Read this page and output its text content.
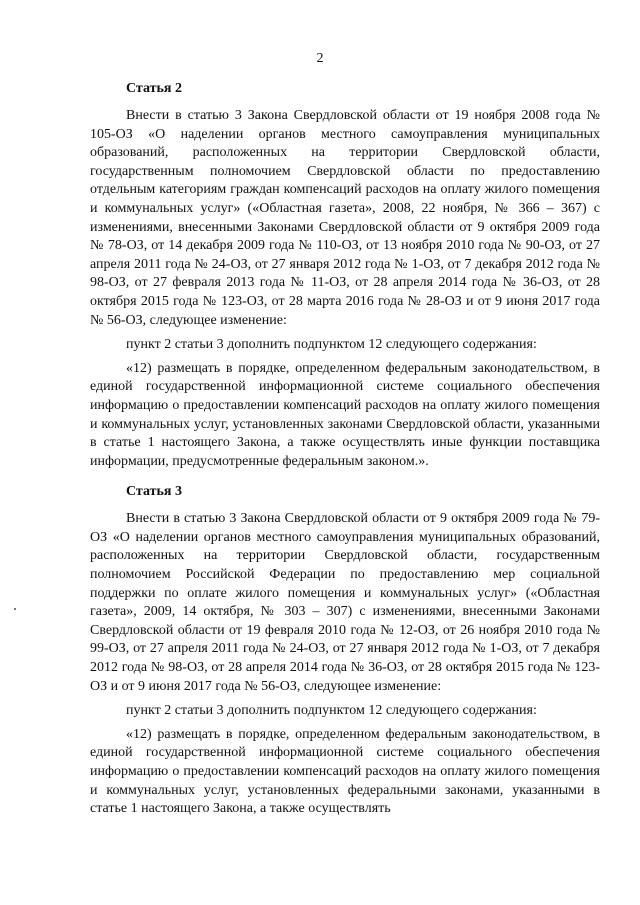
2
Статья 2

Внести в статью 3 Закона Свердловской области от 19 ноября 2008 года № 105-ОЗ «О наделении органов местного самоуправления муниципальных образований, расположенных на территории Свердловской области, государственным полномочием Свердловской области по предоставлению отдельным категориям граждан компенсаций расходов на оплату жилого помещения и коммунальных услуг» («Областная газета», 2008, 22 ноября, № 366 – 367) с изменениями, внесенными Законами Свердловской области от 9 октября 2009 года № 78-ОЗ, от 14 декабря 2009 года № 110-ОЗ, от 13 ноября 2010 года № 90-ОЗ, от 27 апреля 2011 года № 24-ОЗ, от 27 января 2012 года № 1-ОЗ, от 7 декабря 2012 года № 98-ОЗ, от 27 февраля 2013 года № 11-ОЗ, от 28 апреля 2014 года № 36-ОЗ, от 28 октября 2015 года № 123-ОЗ, от 28 марта 2016 года № 28-ОЗ и от 9 июня 2017 года № 56-ОЗ, следующее изменение:

пункт 2 статьи 3 дополнить подпунктом 12 следующего содержания:

«12) размещать в порядке, определенном федеральным законодательством, в единой государственной информационной системе социального обеспечения информацию о предоставлении компенсаций расходов на оплату жилого помещения и коммунальных услуг, установленных законами Свердловской области, указанными в статье 1 настоящего Закона, а также осуществлять иные функции поставщика информации, предусмотренные федеральным законом.».

Статья 3

Внести в статью 3 Закона Свердловской области от 9 октября 2009 года № 79-ОЗ «О наделении органов местного самоуправления муниципальных образований, расположенных на территории Свердловской области, государственным полномочием Российской Федерации по предоставлению мер социальной поддержки по оплате жилого помещения и коммунальных услуг» («Областная газета», 2009, 14 октября, № 303 – 307) с изменениями, внесенными Законами Свердловской области от 19 февраля 2010 года № 12-ОЗ, от 26 ноября 2010 года № 99-ОЗ, от 27 апреля 2011 года № 24-ОЗ, от 27 января 2012 года № 1-ОЗ, от 7 декабря 2012 года № 98-ОЗ, от 28 апреля 2014 года № 36-ОЗ, от 28 октября 2015 года № 123-ОЗ и от 9 июня 2017 года № 56-ОЗ, следующее изменение:

пункт 2 статьи 3 дополнить подпунктом 12 следующего содержания:

«12) размещать в порядке, определенном федеральным законодательством, в единой государственной информационной системе социального обеспечения информацию о предоставлении компенсаций расходов на оплату жилого помещения и коммунальных услуг, установленных федеральными законами, указанными в статье 1 настоящего Закона, а также осуществлять
